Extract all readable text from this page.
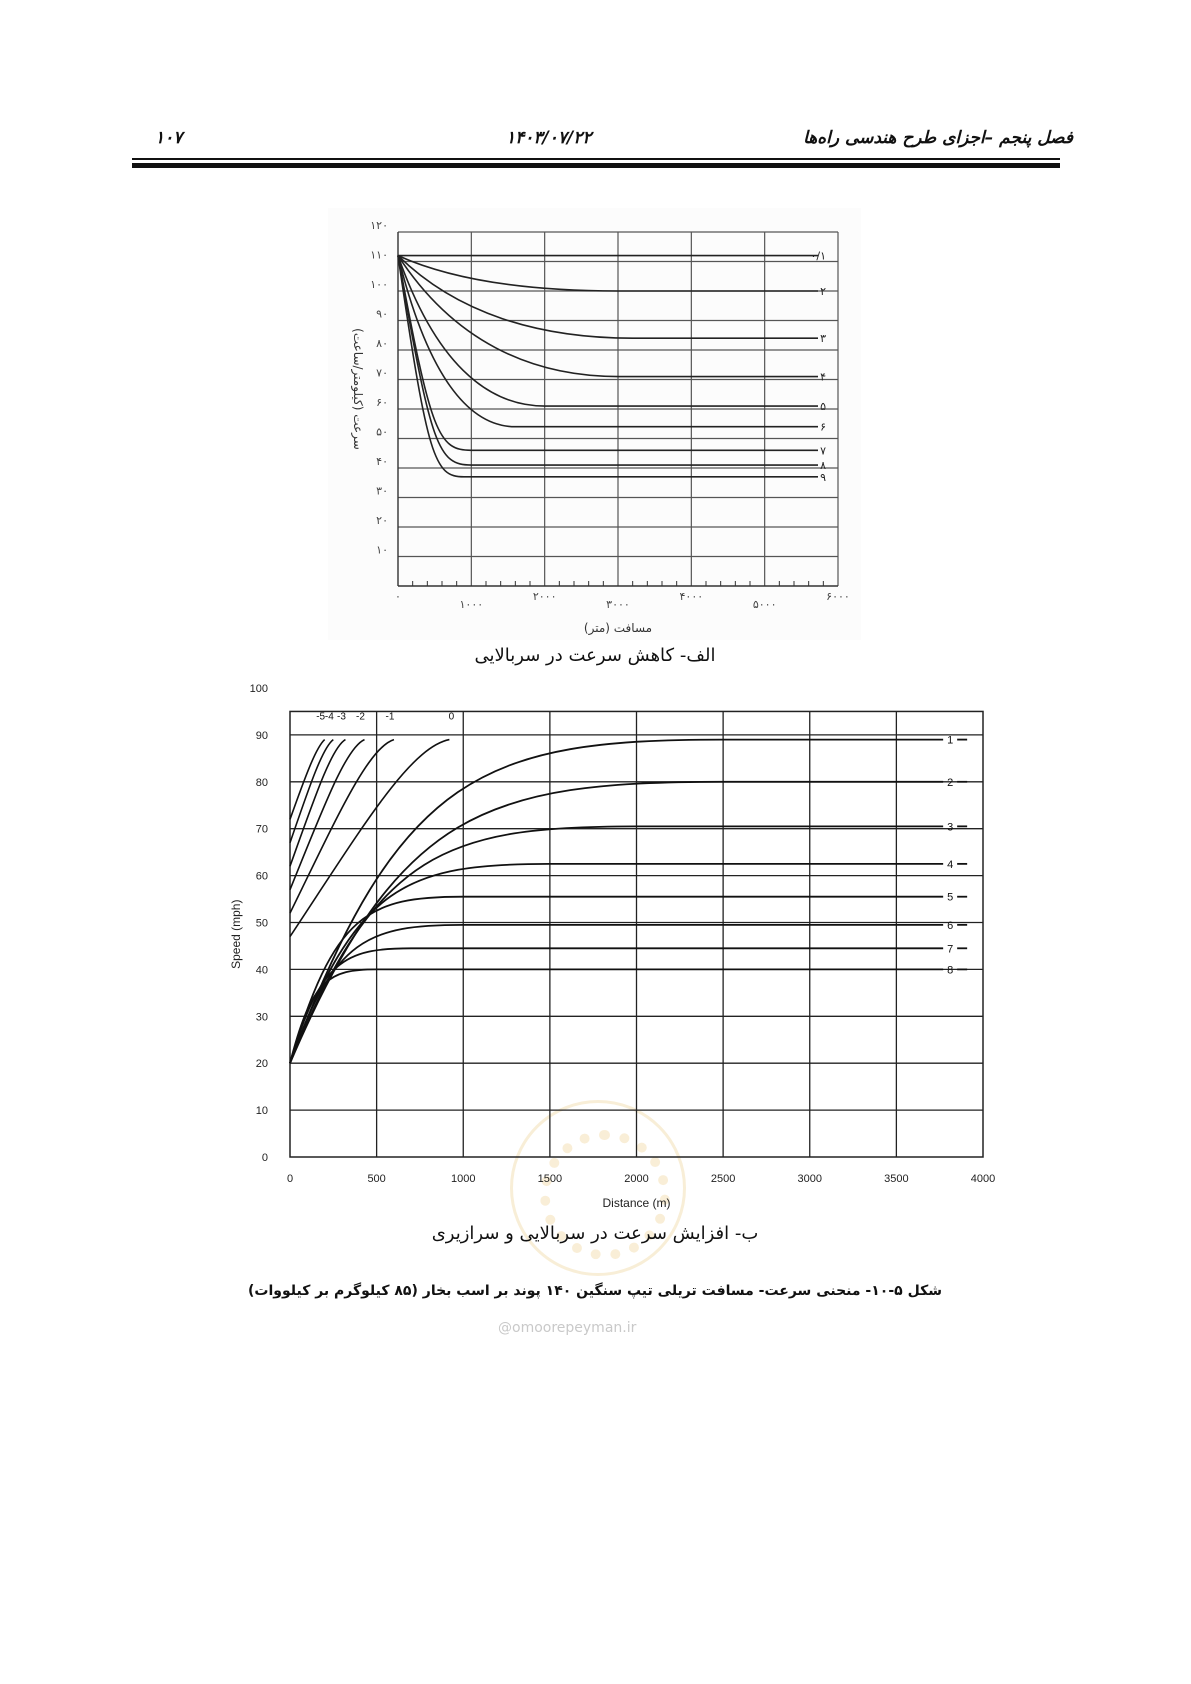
فصل پنجم –اجزای طرح هندسی راه‌ها
۱۴۰۳/۰۷/۲۲
۱۰۷
۱۰
۲۰
۳۰
۴۰
۵۰
۶۰
۷۰
۸۰
۹۰
۱۰۰
۱۱۰
۱۲۰
۰
۱۰۰۰
۲۰۰۰
۳۰۰۰
۴۰۰۰
۵۰۰۰
۶۰۰۰
مسافت (متر)
سرعت (کیلومتر/ساعت)
۰/۱
۲
۳
۴
۵
۶
۷
۸
۹
0
10
20
30
40
50
60
70
80
90
100
0	500	1000	1500	2000	2500	3000	3500	4000
Distance (m)
Speed (mph)
1
2
3
4
5
6
7
8
-5 -4 -3 -2 -1	0
الف- کاهش سرعت در سربالایی
ب- افزایش سرعت در سربالایی و سرازیری
شکل ۵-۱۰- منحنی سرعت- مسافت تریلی تیپ سنگین ۱۴۰ پوند بر اسب بخار (۸۵ کیلوگرم بر کیلووات)
@omoorepeyman.ir
